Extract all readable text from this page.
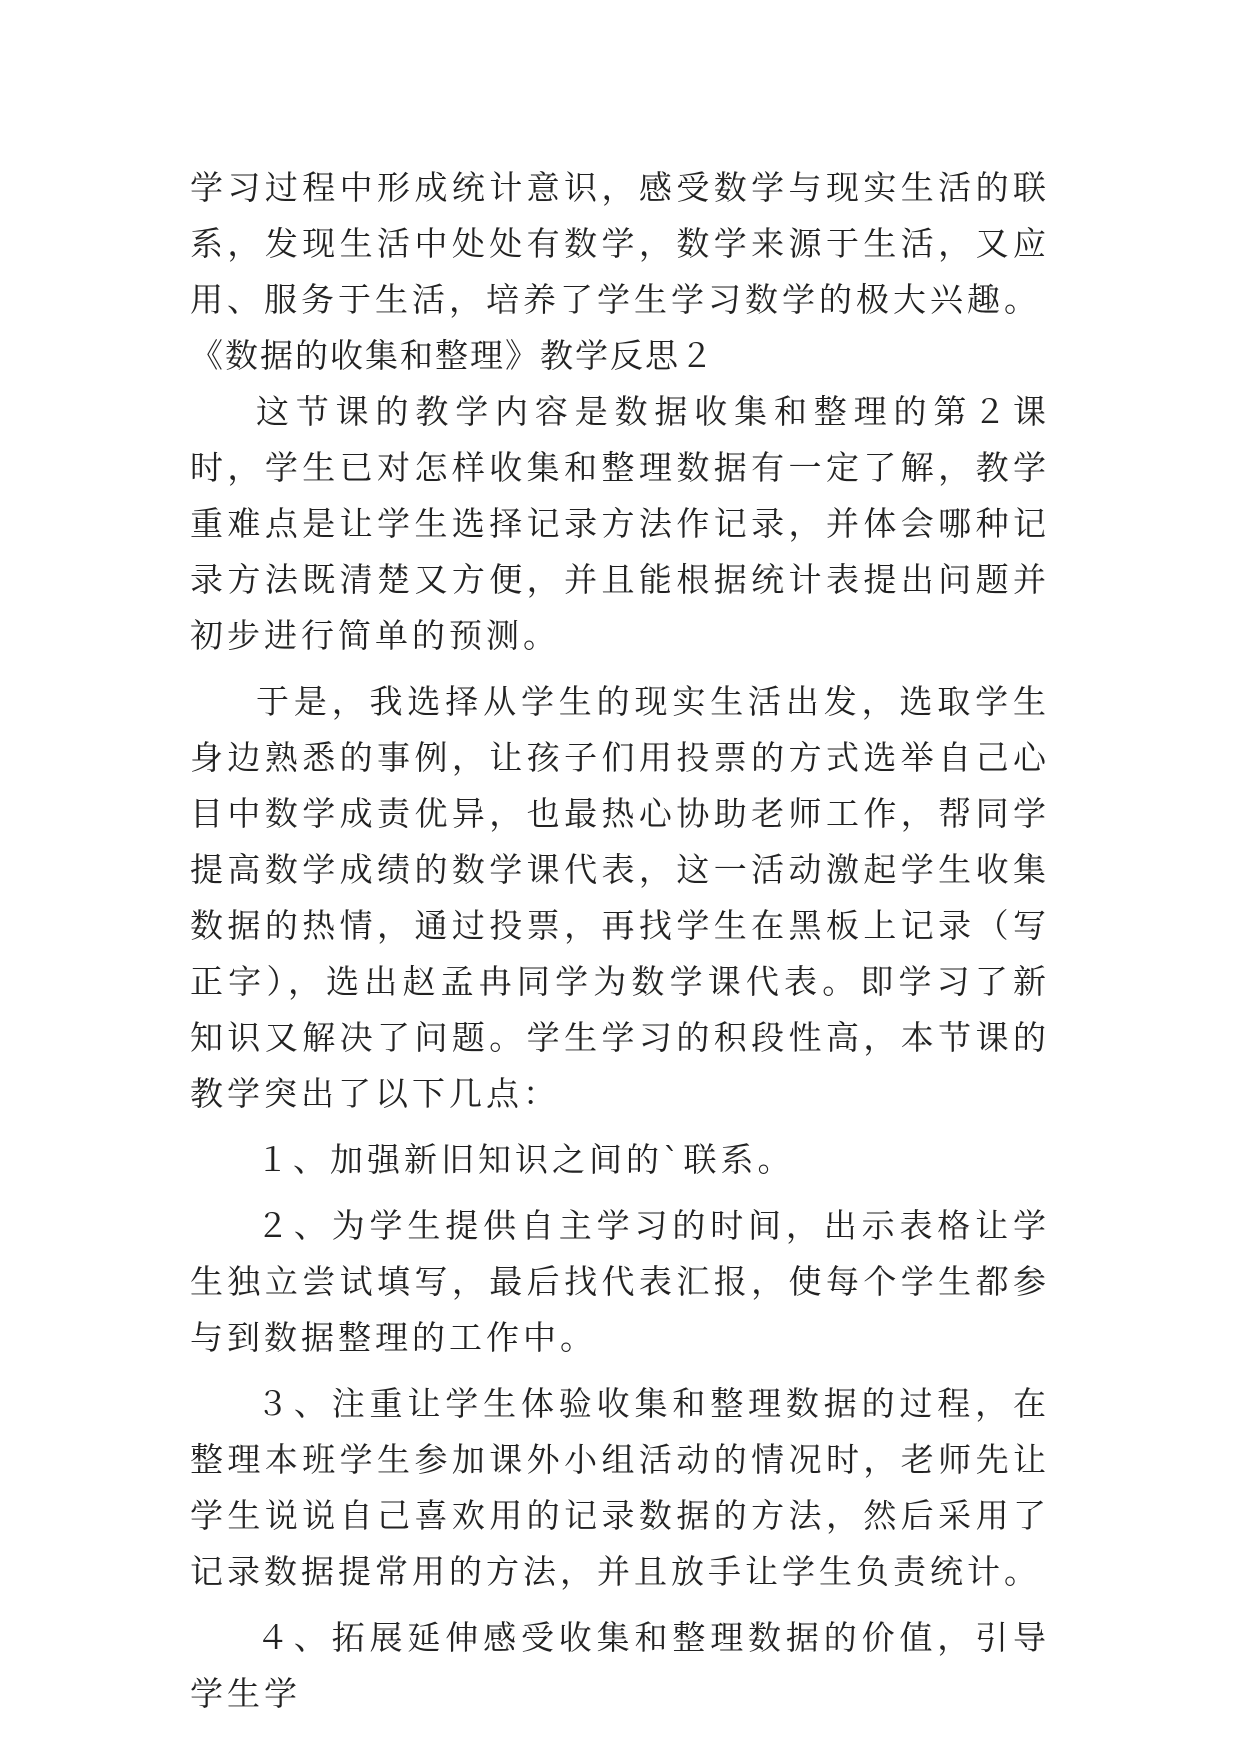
学习过程中形成统计意识，感受数学与现实生活的联系，发现生活中处处有数学，数学来源于生活，又应用、服务于生活，培养了学生学习数学的极大兴趣。

《数据的收集和整理》教学反思２

这节课的教学内容是数据收集和整理的第２课时，学生已对怎样收集和整理数据有一定了解，教学重难点是让学生选择记录方法作记录，并体会哪种记录方法既清楚又方便，并且能根据统计表提出问题并初步进行简单的预测。

于是，我选择从学生的现实生活出发，选取学生身边熟悉的事例，让孩子们用投票的方式选举自己心目中数学成责优异，也最热心协助老师工作，帮同学提高数学成绩的数学课代表，这一活动激起学生收集数据的热情，通过投票，再找学生在黑板上记录（写正字），选出赵孟冉同学为数学课代表。即学习了新知识又解决了问题。学生学习的积段性高，本节课的教学突出了以下几点：

１、加强新旧知识之间的`联系。

２、为学生提供自主学习的时间，出示表格让学生独立尝试填写，最后找代表汇报，使每个学生都参与到数据整理的工作中。

３、注重让学生体验收集和整理数据的过程，在整理本班学生参加课外小组活动的情况时，老师先让学生说说自己喜欢用的记录数据的方法，然后采用了记录数据提常用的方法，并且放手让学生负责统计。

４、拓展延伸感受收集和整理数据的价值，引导学生学
